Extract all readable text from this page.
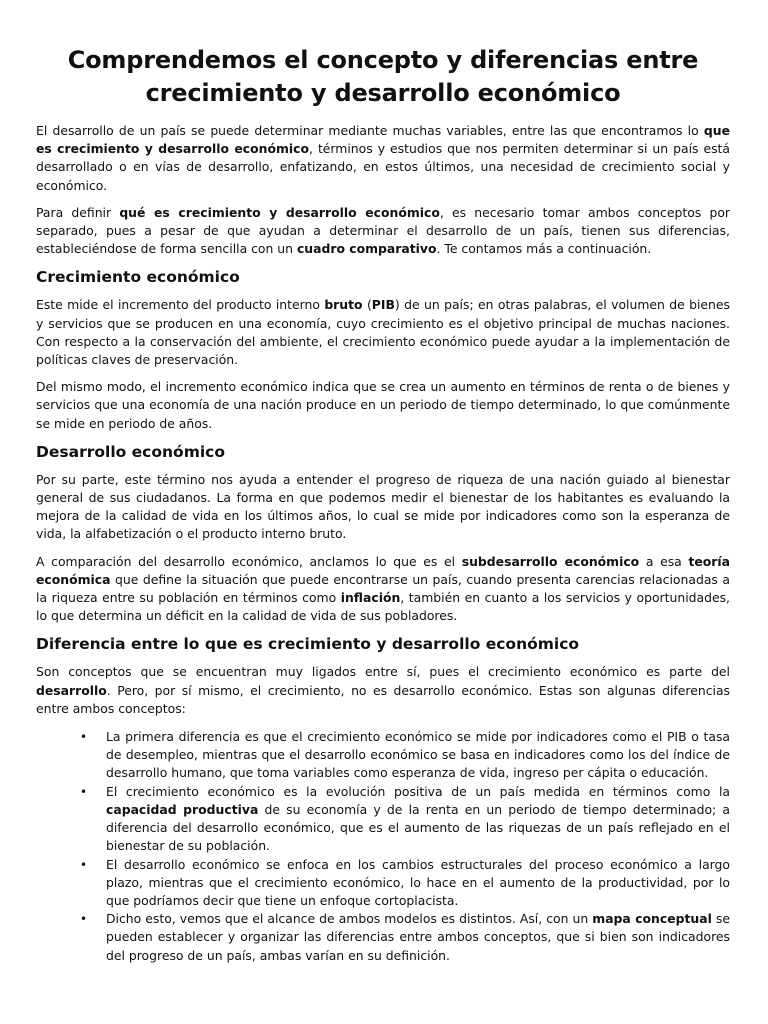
Comprendemos el concepto y diferencias entre crecimiento y desarrollo económico

El desarrollo de un país se puede determinar mediante muchas variables, entre las que encontramos lo que es crecimiento y desarrollo económico, términos y estudios que nos permiten determinar si un país está desarrollado o en vías de desarrollo, enfatizando, en estos últimos, una necesidad de crecimiento social y económico.

Para definir qué es crecimiento y desarrollo económico, es necesario tomar ambos conceptos por separado, pues a pesar de que ayudan a determinar el desarrollo de un país, tienen sus diferencias, estableciéndose de forma sencilla con un cuadro comparativo. Te contamos más a continuación.

Crecimiento económico

Este mide el incremento del producto interno bruto (PIB) de un país; en otras palabras, el volumen de bienes y servicios que se producen en una economía, cuyo crecimiento es el objetivo principal de muchas naciones. Con respecto a la conservación del ambiente, el crecimiento económico puede ayudar a la implementación de políticas claves de preservación.

Del mismo modo, el incremento económico indica que se crea un aumento en términos de renta o de bienes y servicios que una economía de una nación produce en un periodo de tiempo determinado, lo que comúnmente se mide en periodo de años.

Desarrollo económico

Por su parte, este término nos ayuda a entender el progreso de riqueza de una nación guiado al bienestar general de sus ciudadanos. La forma en que podemos medir el bienestar de los habitantes es evaluando la mejora de la calidad de vida en los últimos años, lo cual se mide por indicadores como son la esperanza de vida, la alfabetización o el producto interno bruto.

A comparación del desarrollo económico, anclamos lo que es el subdesarrollo económico a esa teoría económica que define la situación que puede encontrarse un país, cuando presenta carencias relacionadas a la riqueza entre su población en términos como inflación, también en cuanto a los servicios y oportunidades, lo que determina un déficit en la calidad de vida de sus pobladores.

Diferencia entre lo que es crecimiento y desarrollo económico

Son conceptos que se encuentran muy ligados entre sí, pues el crecimiento económico es parte del desarrollo. Pero, por sí mismo, el crecimiento, no es desarrollo económico. Estas son algunas diferencias entre ambos conceptos:

• La primera diferencia es que el crecimiento económico se mide por indicadores como el PIB o tasa de desempleo, mientras que el desarrollo económico se basa en indicadores como los del índice de desarrollo humano, que toma variables como esperanza de vida, ingreso per cápita o educación.
• El crecimiento económico es la evolución positiva de un país medida en términos como la capacidad productiva de su economía y de la renta en un periodo de tiempo determinado; a diferencia del desarrollo económico, que es el aumento de las riquezas de un país reflejado en el bienestar de su población.
• El desarrollo económico se enfoca en los cambios estructurales del proceso económico a largo plazo, mientras que el crecimiento económico, lo hace en el aumento de la productividad, por lo que podríamos decir que tiene un enfoque cortoplacista.
• Dicho esto, vemos que el alcance de ambos modelos es distintos. Así, con un mapa conceptual se pueden establecer y organizar las diferencias entre ambos conceptos, que si bien son indicadores del progreso de un país, ambas varían en su definición.
